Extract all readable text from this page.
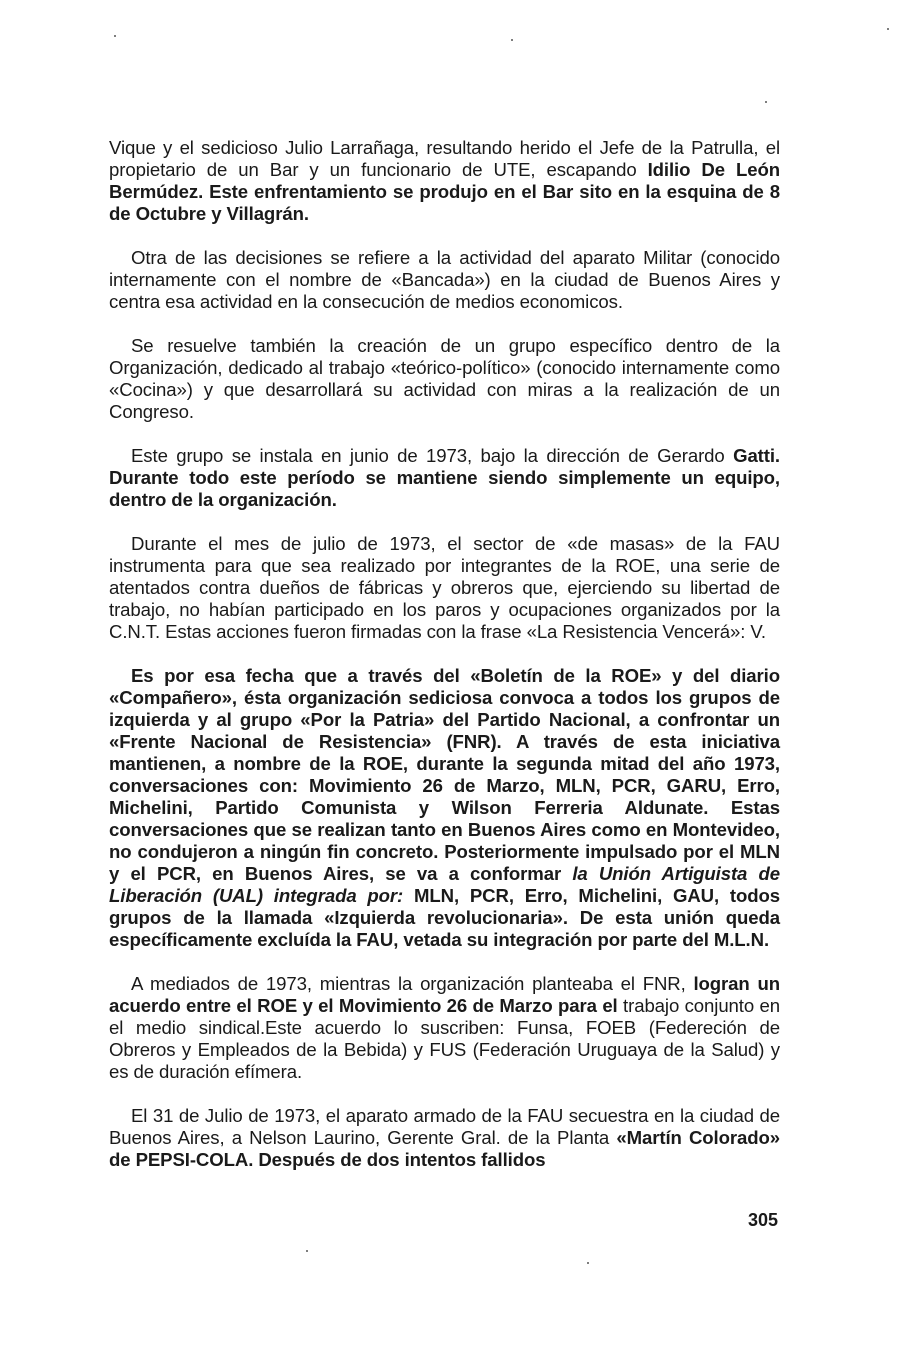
Vique y el sedicioso Julio Larrañaga, resultando herido el Jefe de la Patrulla, el propietario de un Bar y un funcionario de UTE, escapando Idilio De León Bermúdez. Este enfrentamiento se produjo en el Bar sito en la esquina de 8 de Octubre y Villagrán.

Otra de las decisiones se refiere a la actividad del aparato Militar (conocido internamente con el nombre de «Bancada») en la ciudad de Buenos Aires y centra esa actividad en la consecución de medios economicos.

Se resuelve también la creación de un grupo específico dentro de la Organización, dedicado al trabajo «teórico-político» (conocido internamente como «Cocina») y que desarrollará su actividad con miras a la realización de un Congreso.

Este grupo se instala en junio de 1973, bajo la dirección de Gerardo Gatti. Durante todo este período se mantiene siendo simplemente un equipo, dentro de la organización.

Durante el mes de julio de 1973, el sector de «de masas» de la FAU instrumenta para que sea realizado por integrantes de la ROE, una serie de atentados contra dueños de fábricas y obreros que, ejerciendo su libertad de trabajo, no habían participado en los paros y ocupaciones organizados por la C.N.T. Estas acciones fueron firmadas con la frase «La Resistencia Vencerá»: V.

Es por esa fecha que a través del «Boletín de la ROE» y del diario «Compañero», ésta organización sediciosa convoca a todos los grupos de izquierda y al grupo «Por la Patria» del Partido Nacional, a confrontar un «Frente Nacional de Resistencia» (FNR). A través de esta iniciativa mantienen, a nombre de la ROE, durante la segunda mitad del año 1973, conversaciones con: Movimiento 26 de Marzo, MLN, PCR, GARU, Erro, Michelini, Partido Comunista y Wilson Ferreria Aldunate. Estas conversaciones que se realizan tanto en Buenos Aires como en Montevideo, no condujeron a ningún fin concreto. Posteriormente impulsado por el MLN y el PCR, en Buenos Aires, se va a conformar la Unión Artiguista de Liberación (UAL) integrada por: MLN, PCR, Erro, Michelini, GAU, todos grupos de la llamada «Izquierda revolucionaria». De esta unión queda específicamente excluída la FAU, vetada su integración por parte del M.L.N.

A mediados de 1973, mientras la organización planteaba el FNR, logran un acuerdo entre el ROE y el Movimiento 26 de Marzo para el trabajo conjunto en el medio sindical.Este acuerdo lo suscriben: Funsa, FOEB (Federeción de Obreros y Empleados de la Bebida) y FUS (Federación Uruguaya de la Salud) y es de duración efímera.

El 31 de Julio de 1973, el aparato armado de la FAU secuestra en la ciudad de Buenos Aires, a Nelson Laurino, Gerente Gral. de la Planta «Martín Colorado» de PEPSI-COLA. Después de dos intentos fallidos

305
